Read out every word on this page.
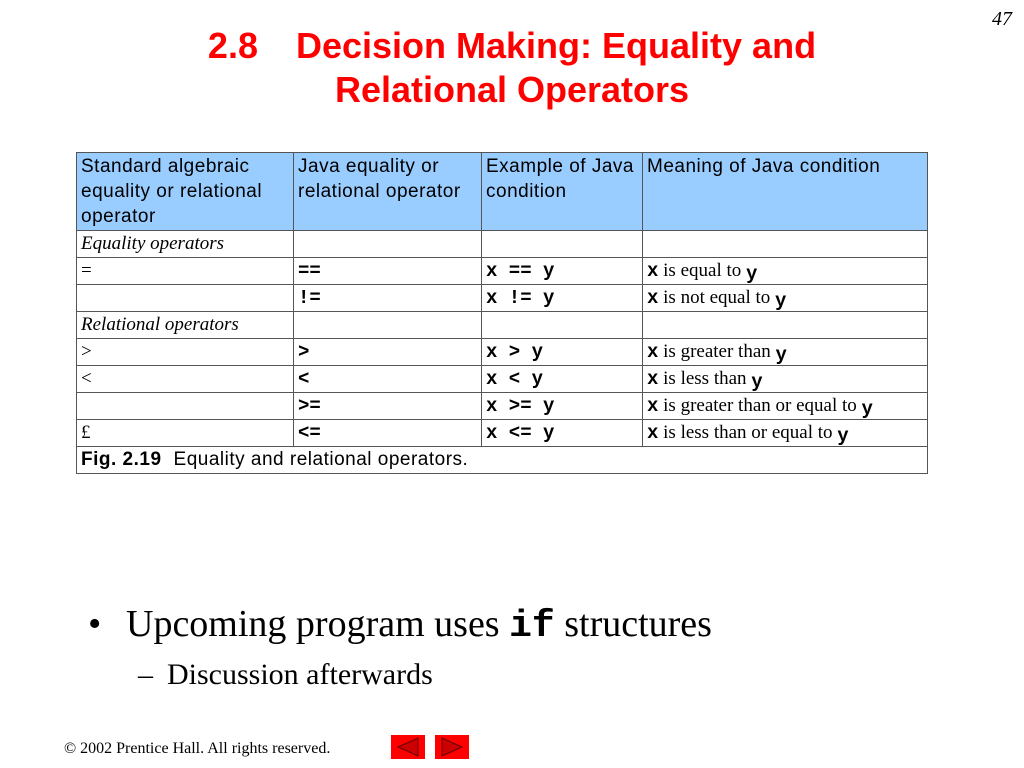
47
2.8 Decision Making: Equality and
Relational Operators
Standard algebraic equality or relational operator	Java equality or relational operator	Example of Java condition	Meaning of Java condition
Equality operators			
=	==	x == y	x is equal to y
	!=	x != y	x is not equal to y
Relational operators			
>	>	x > y	x is greater than y
<	<	x < y	x is less than y
	>=	x >= y	x is greater than or equal to y
£	<=	x <= y	x is less than or equal to y
Fig. 2.19 Equality and relational operators.			
• Upcoming program uses if structures
– Discussion afterwards
© 2002 Prentice Hall. All rights reserved.
